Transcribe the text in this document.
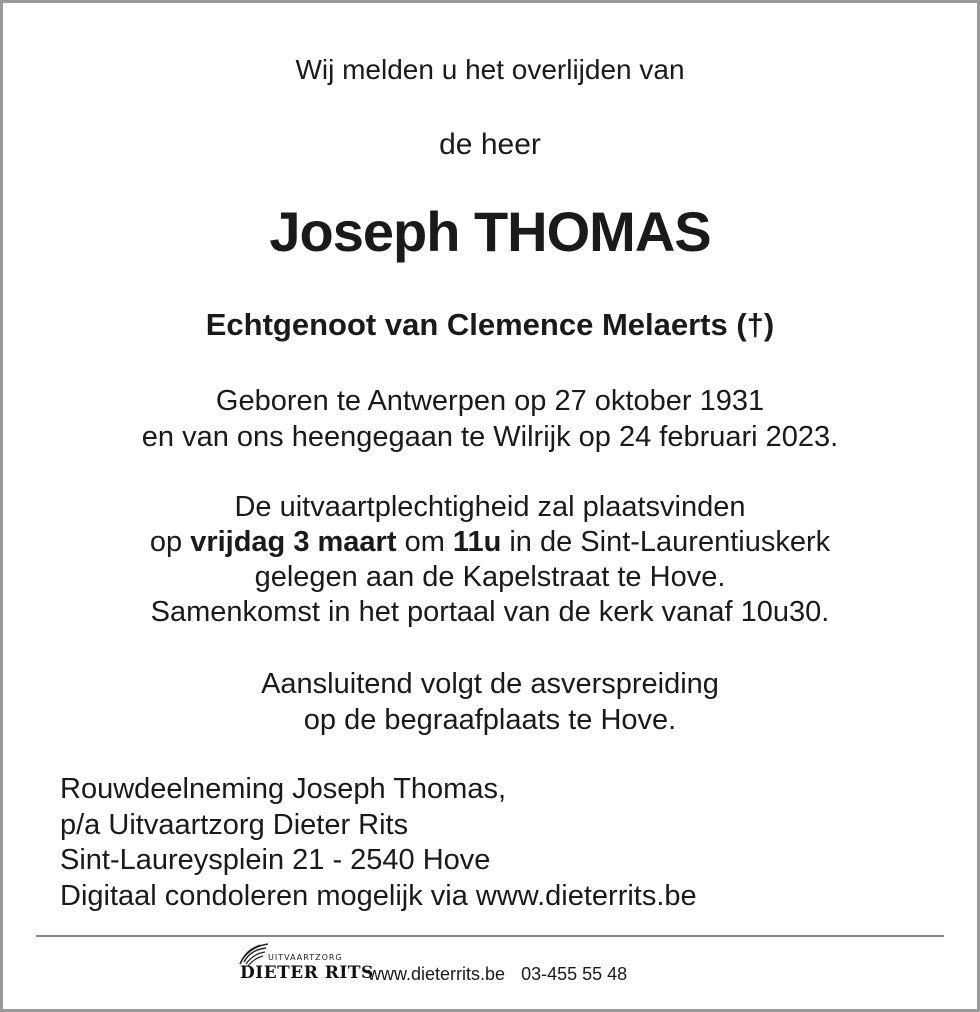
Wij melden u het overlijden van
de heer
Joseph THOMAS
Echtgenoot van Clemence Melaerts (†)
Geboren te Antwerpen op 27 oktober 1931
en van ons heengegaan te Wilrijk op 24 februari 2023.
De uitvaartplechtigheid zal plaatsvinden
op vrijdag 3 maart om 11u in de Sint-Laurentiuskerk
gelegen aan de Kapelstraat te Hove.
Samenkomst in het portaal van de kerk vanaf 10u30.
Aansluitend volgt de asverspreiding
op de begraafplaats te Hove.
Rouwdeelneming Joseph Thomas,
p/a Uitvaartzorg Dieter Rits
Sint-Laureysplein 21 - 2540 Hove
Digitaal condoleren mogelijk via www.dieterrits.be
UITVAARTZORG
DIETER RITS
www.dieterrits.be 03-455 55 48
